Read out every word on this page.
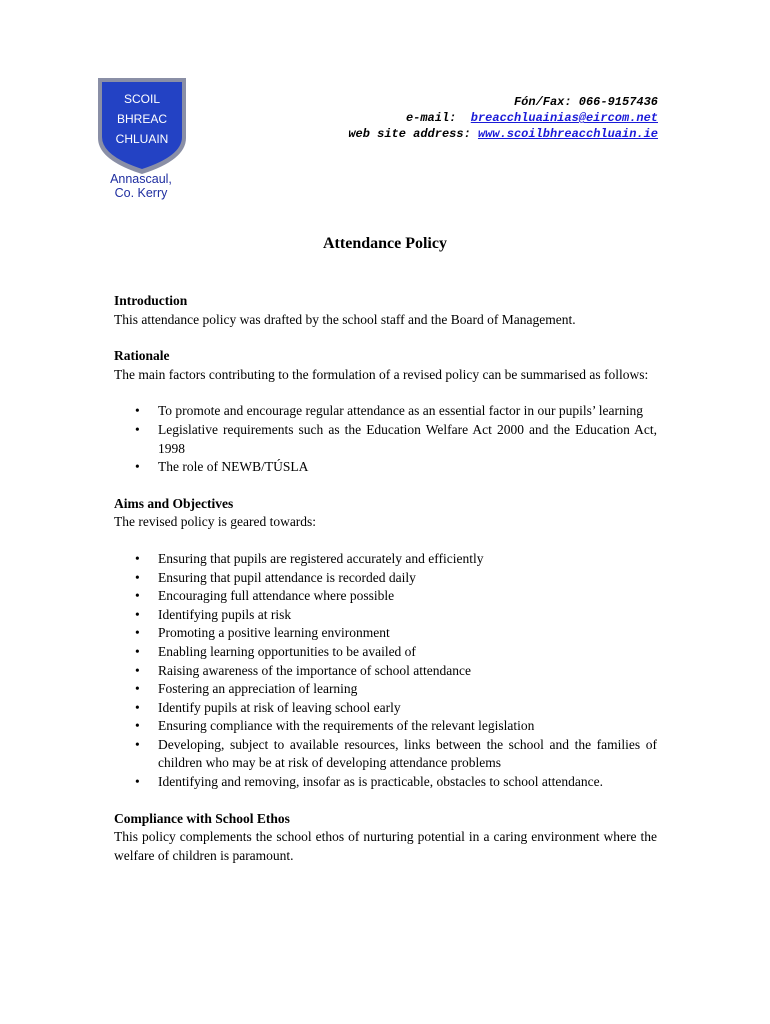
SCOIL
BHREAC
CHLUAIN
Annascaul,
Co. Kerry
Fón/Fax: 066-9157436
e-mail: breacchluainias@eircom.net
web site address: www.scoilbhreacchluain.ie
Attendance Policy

Introduction

This attendance policy was drafted by the school staff and the Board of Management.

Rationale

The main factors contributing to the formulation of a revised policy can be summarised as follows:

• To promote and encourage regular attendance as an essential factor in our pupils’ learning
• Legislative requirements such as the Education Welfare Act 2000 and the Education Act, 1998
• The role of NEWB/TÚSLA

Aims and Objectives

The revised policy is geared towards:

• Ensuring that pupils are registered accurately and efficiently
• Ensuring that pupil attendance is recorded daily
• Encouraging full attendance where possible
• Identifying pupils at risk
• Promoting a positive learning environment
• Enabling learning opportunities to be availed of
• Raising awareness of the importance of school attendance
• Fostering an appreciation of learning
• Identify pupils at risk of leaving school early
• Ensuring compliance with the requirements of the relevant legislation
• Developing, subject to available resources, links between the school and the families of children who may be at risk of developing attendance problems
• Identifying and removing, insofar as is practicable, obstacles to school attendance.

Compliance with School Ethos

This policy complements the school ethos of nurturing potential in a caring environment where the welfare of children is paramount.
